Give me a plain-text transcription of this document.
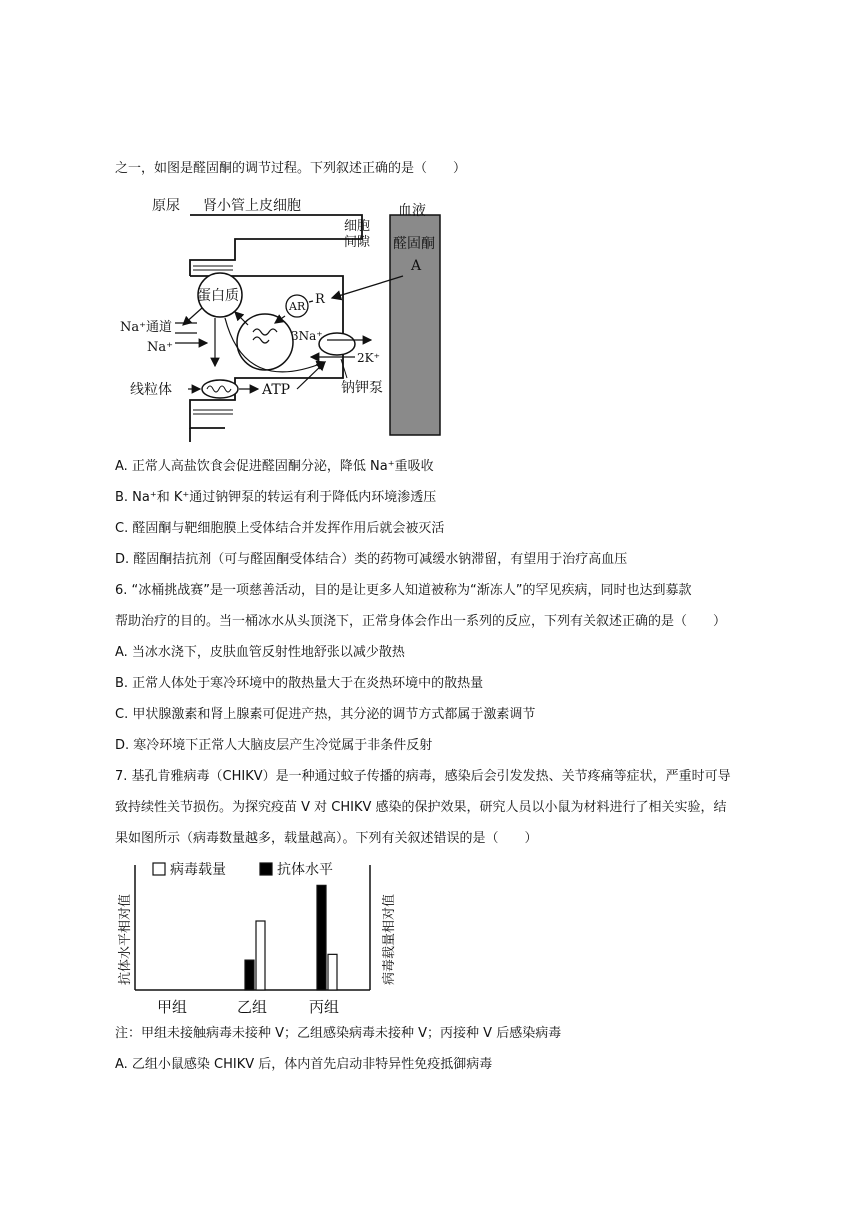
之一，如图是醛固酮的调节过程。下列叙述正确的是（　　）
原尿 肾小管上皮细胞	血液
细胞
间隙 醛固酮
A
R
AR
蛋白质
Na⁺通道
Na⁺
3Na⁺
2K⁺
钠钾泵
线粒体	ATP
A. 正常人高盐饮食会促进醛固酮分泌，降低 Na⁺重吸收
B. Na⁺和 K⁺通过钠钾泵的转运有利于降低内环境渗透压
C. 醛固酮与靶细胞膜上受体结合并发挥作用后就会被灭活
D. 醛固酮拮抗剂（可与醛固酮受体结合）类的药物可减缓水钠滞留，有望用于治疗高血压
6. “冰桶挑战赛”是一项慈善活动，目的是让更多人知道被称为“渐冻人”的罕见疾病，同时也达到募款
帮助治疗的目的。当一桶冰水从头顶浇下，正常身体会作出一系列的反应，下列有关叙述正确的是（　　）
A. 当冰水浇下，皮肤血管反射性地舒张以减少散热
B. 正常人体处于寒冷环境中的散热量大于在炎热环境中的散热量
C. 甲状腺激素和肾上腺素可促进产热，其分泌的调节方式都属于激素调节
D. 寒冷环境下正常人大脑皮层产生冷觉属于非条件反射
7. 基孔肯雅病毒（CHIKV）是一种通过蚊子传播的病毒，感染后会引发发热、关节疼痛等症状，严重时可导
致持续性关节损伤。为探究疫苗 V 对 CHIKV 感染的保护效果，研究人员以小鼠为材料进行了相关实验，结
果如图所示（病毒数量越多，载量越高）。下列有关叙述错误的是（　　）
病毒载量	抗体水平
抗体水平相对值	病毒载量相对值
甲组	乙组	丙组
注：甲组未接触病毒未接种 V；乙组感染病毒未接种 V；丙接种 V 后感染病毒
A. 乙组小鼠感染 CHIKV 后，体内首先启动非特异性免疫抵御病毒
